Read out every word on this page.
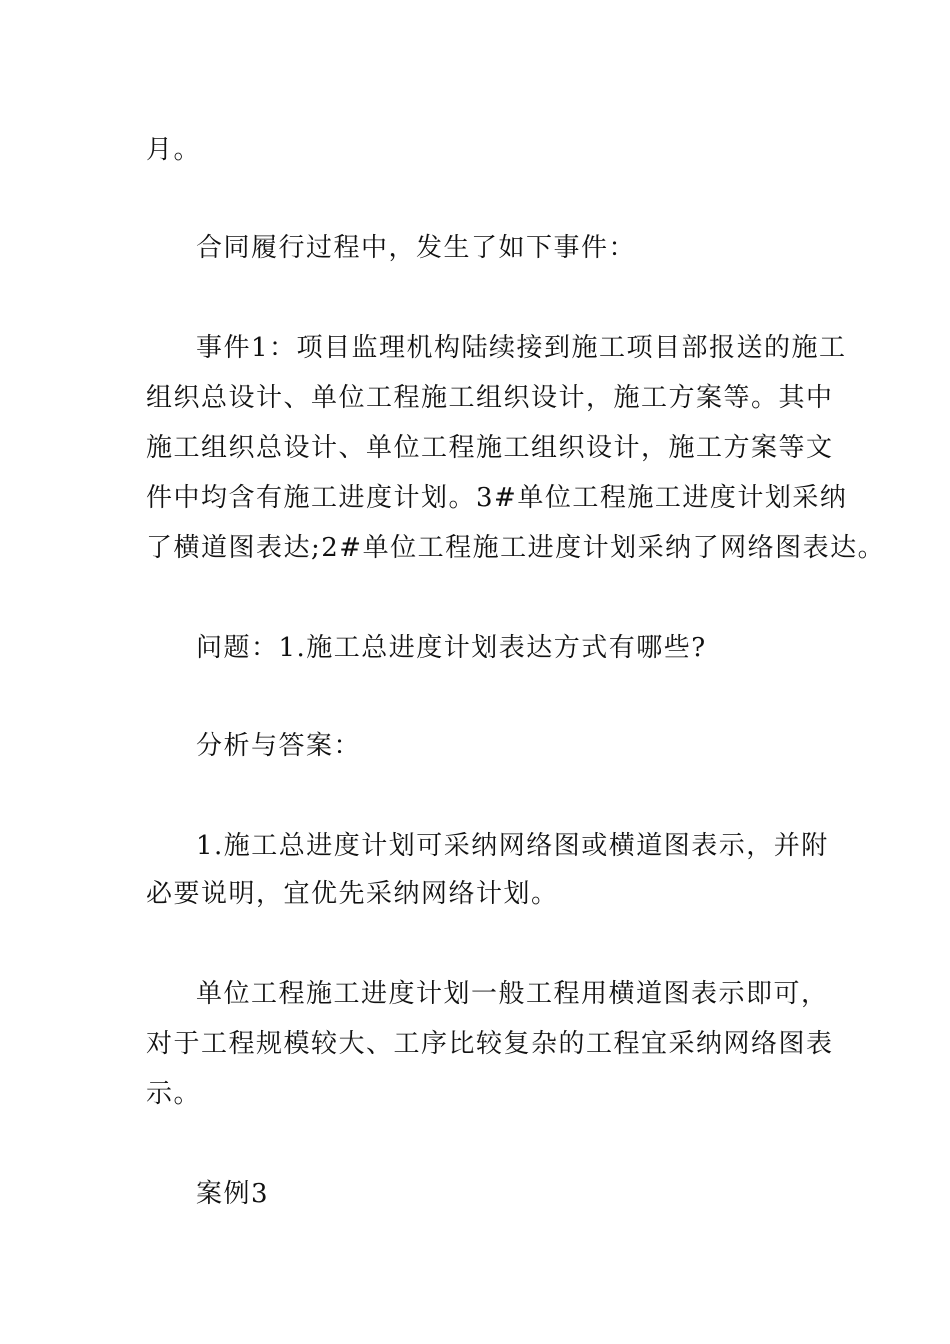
月。

合同履行过程中，发生了如下事件：

事件1：项目监理机构陆续接到施工项目部报送的施工

组织总设计、单位工程施工组织设计，施工方案等。其中

施工组织总设计、单位工程施工组织设计，施工方案等文

件中均含有施工进度计划。3#单位工程施工进度计划采纳

了横道图表达;2#单位工程施工进度计划采纳了网络图表达。

问题：1.施工总进度计划表达方式有哪些?

分析与答案：

1.施工总进度计划可采纳网络图或横道图表示，并附

必要说明，宜优先采纳网络计划。

单位工程施工进度计划一般工程用横道图表示即可，

对于工程规模较大、工序比较复杂的工程宜采纳网络图表

示。

案例3
